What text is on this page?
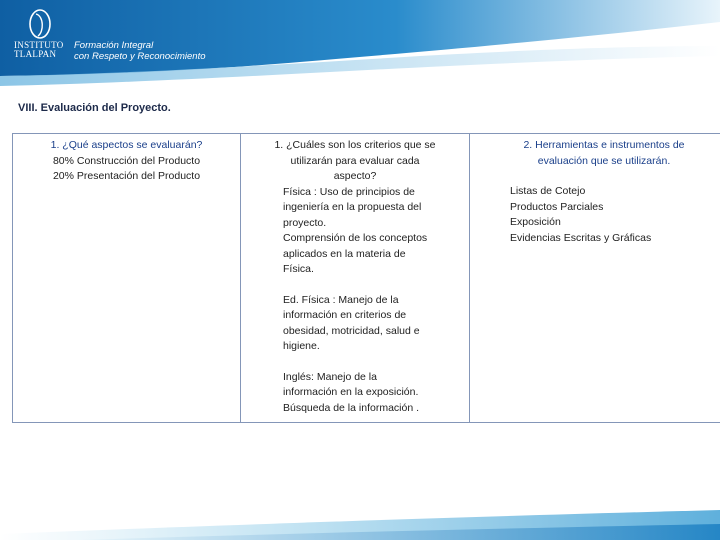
INSTITUTO
TLALPAN
Formación Integral
con Respeto y Reconocimiento
VIII. Evaluación del Proyecto.
1. ¿Qué aspectos se evaluarán?
80% Construcción del Producto
20% Presentación del Producto

1. ¿Cuáles son los criterios que se
utilizarán para evaluar cada
aspecto?
Física : Uso de principios de
ingeniería en la propuesta del
proyecto.
Comprensión de los conceptos
aplicados en la materia de
Física.
Ed. Física : Manejo de la
información en criterios de
obesidad, motricidad, salud e
higiene.
Inglés: Manejo de la
información en la exposición.
Búsqueda de la información .

2. Herramientas e instrumentos de
evaluación que se utilizarán.
Listas de Cotejo
Productos Parciales
Exposición
Evidencias Escritas y Gráficas
